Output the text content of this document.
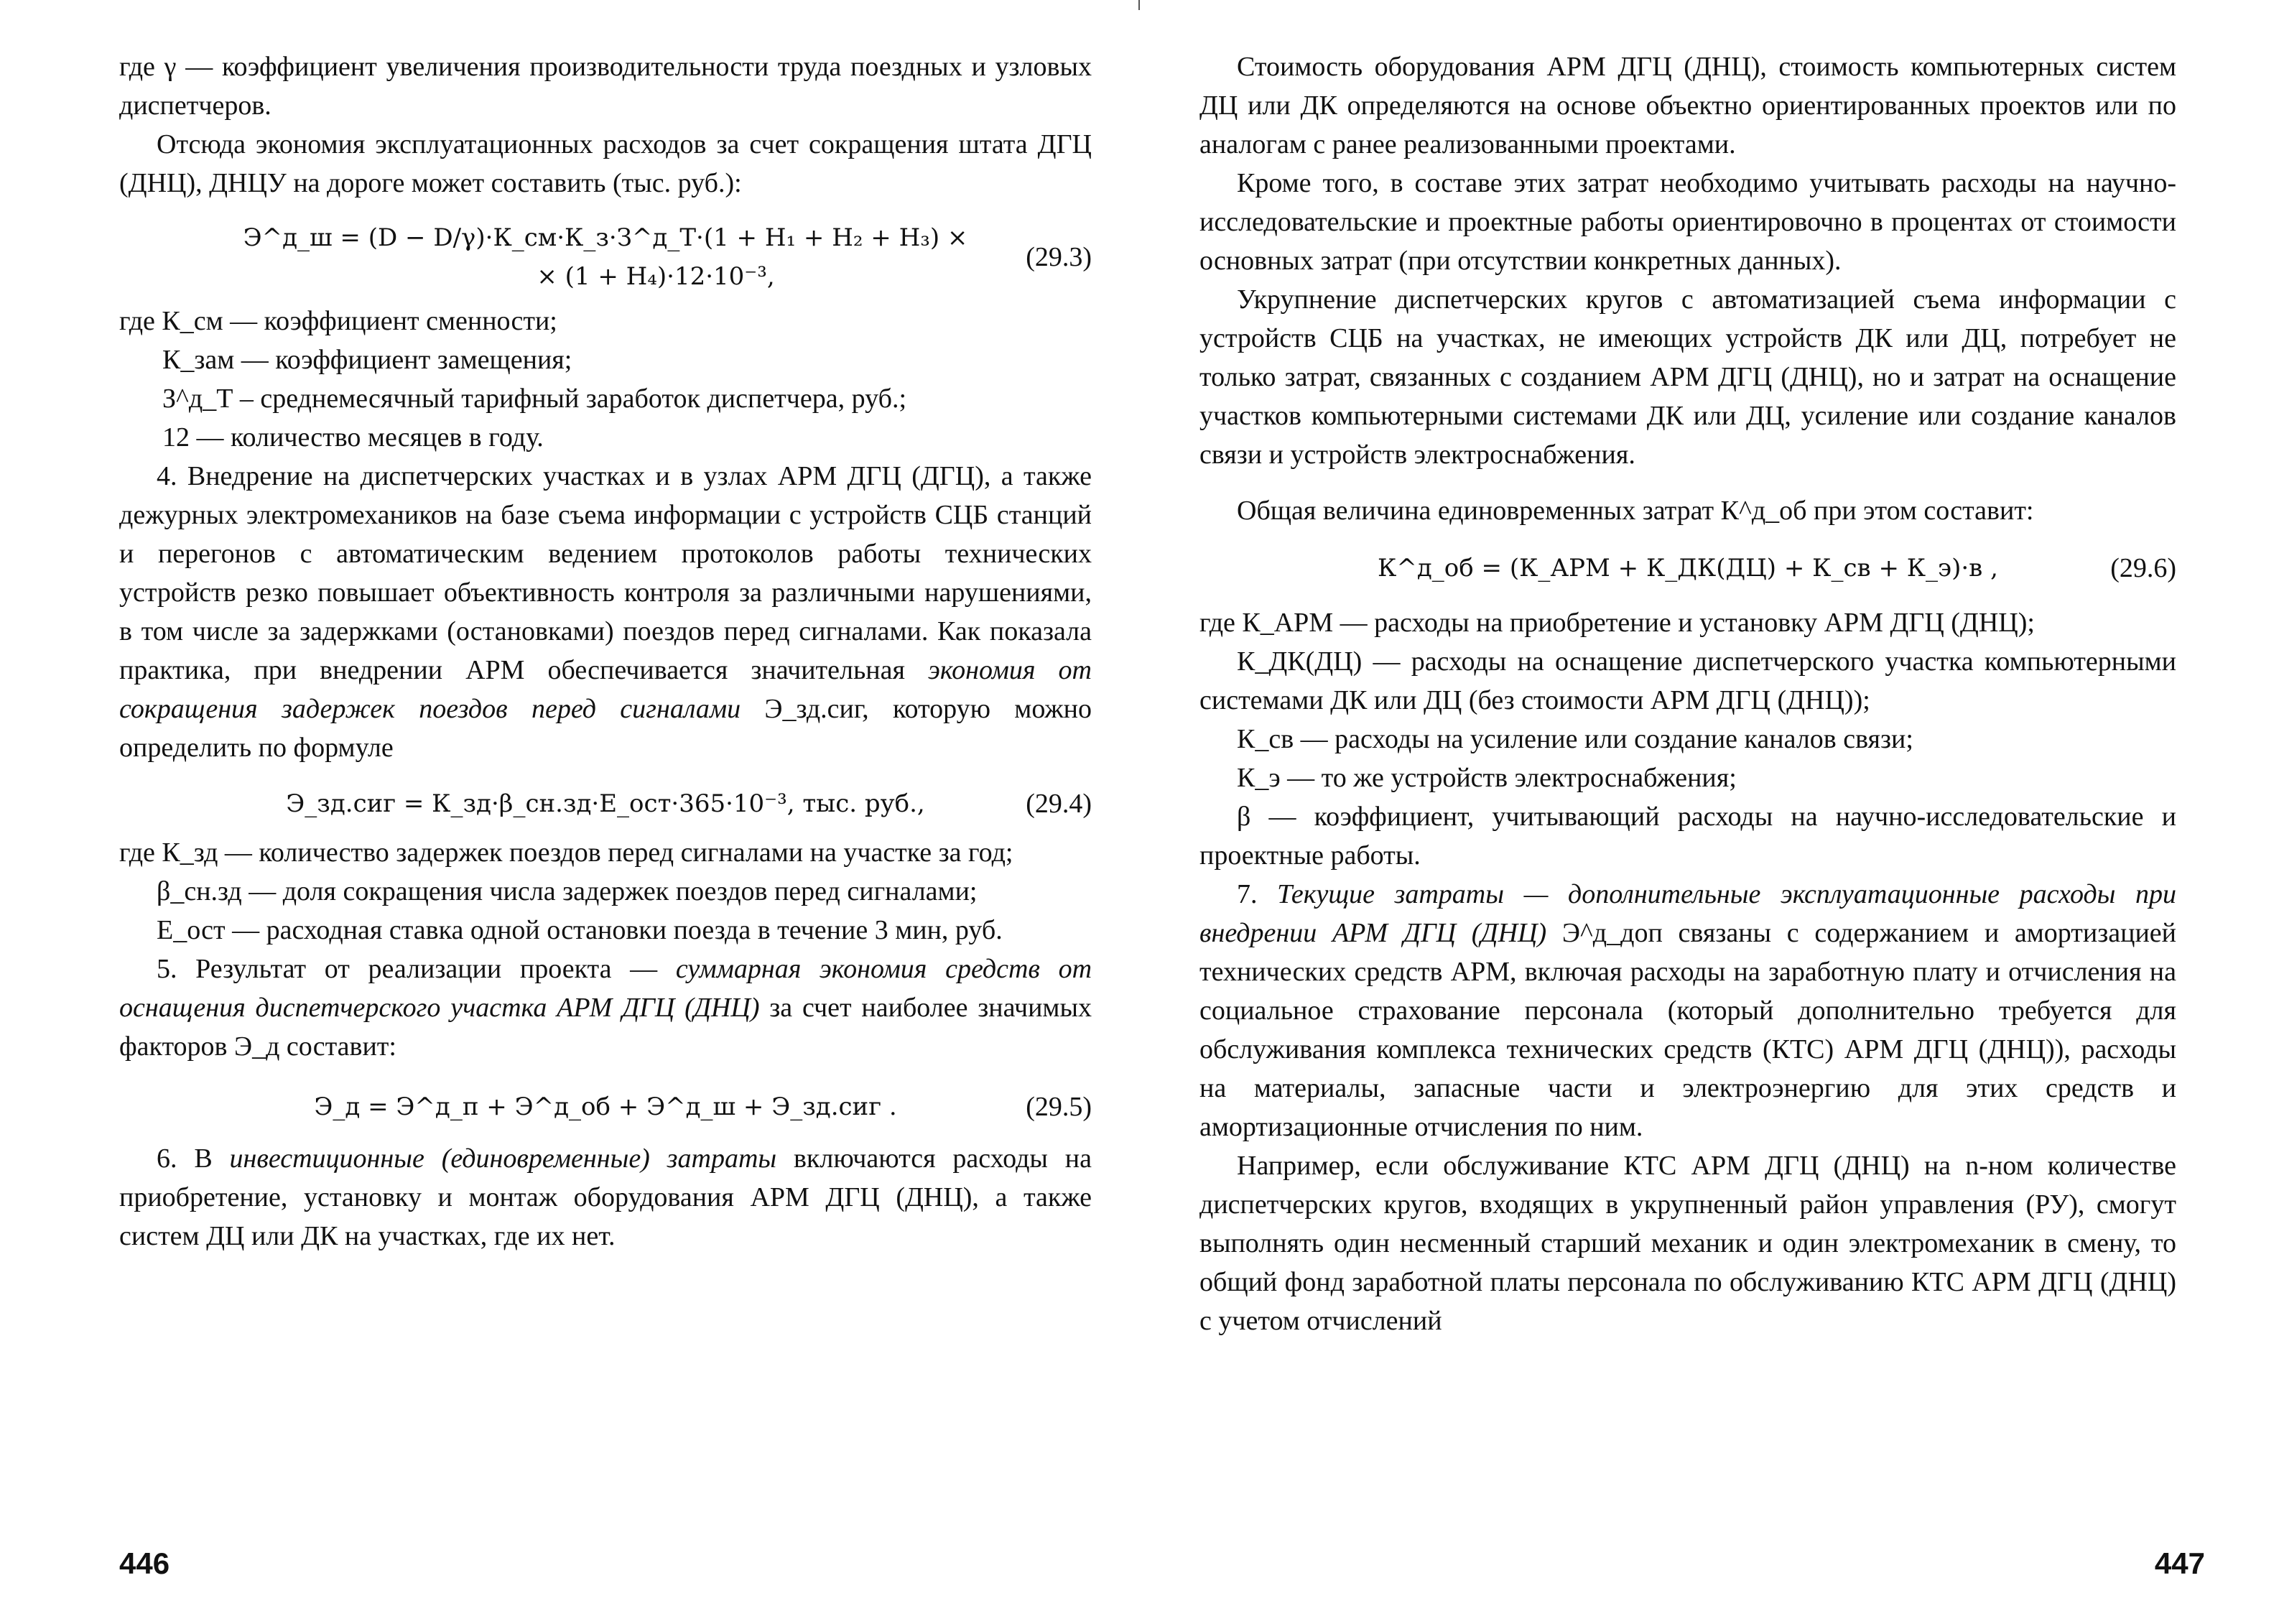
где γ — коэффициент увеличения производительности труда поездных и узловых диспетчеров.

Отсюда экономия эксплуатационных расходов за счет сокращения штата ДГЦ (ДНЦ), ДНЦУ на дороге может составить (тыс. руб.):

Э^д_ш = (D − D/γ)·К_см·К_з·З^д_Т·(1 + Н₁ + Н₂ + Н₃) ×
× (1 + Н₄)·12·10⁻³,
(29.3)

где К_см — коэффициент сменности;

К_зам — коэффициент замещения;

З^д_Т – среднемесячный тарифный заработок диспетчера, руб.;

12 — количество месяцев в году.

4. Внедрение на диспетчерских участках и в узлах АРМ ДГЦ (ДГЦ), а также дежурных электромехаников на базе съема информации с устройств СЦБ станций и перегонов с автоматическим ведением протоколов работы технических устройств резко повышает объективность контроля за различными нарушениями, в том числе за задержками (остановками) поездов перед сигналами. Как показала практика, при внедрении АРМ обеспечивается значительная экономия от сокращения задержек поездов перед сигналами Э_зд.сиг, которую можно определить по формуле

Э_зд.сиг = К_зд·β_сн.зд·E_ост·365·10⁻³, тыс. руб.,	(29.4)

где К_зд — количество задержек поездов перед сигналами на участке за год;

β_сн.зд — доля сокращения числа задержек поездов перед сигналами;

E_ост — расходная ставка одной остановки поезда в течение 3 мин, руб.

5. Результат от реализации проекта — суммарная экономия средств от оснащения диспетчерского участка АРМ ДГЦ (ДНЦ) за счет наиболее значимых факторов Э_д составит:

Э_д = Э^д_п + Э^д_об + Э^д_ш + Э_зд.сиг .	(29.5)

6. В инвестиционные (единовременные) затраты включаются расходы на приобретение, установку и монтаж оборудования АРМ ДГЦ (ДНЦ), а также систем ДЦ или ДК на участках, где их нет.

446

Стоимость оборудования АРМ ДГЦ (ДНЦ), стоимость компьютерных систем ДЦ или ДК определяются на основе объектно ориентированных проектов или по аналогам с ранее реализованными проектами.

Кроме того, в составе этих затрат необходимо учитывать расходы на научно-исследовательские и проектные работы ориентировочно в процентах от стоимости основных затрат (при отсутствии конкретных данных).

Укрупнение диспетчерских кругов с автоматизацией съема информации с устройств СЦБ на участках, не имеющих устройств ДК или ДЦ, потребует не только затрат, связанных с созданием АРМ ДГЦ (ДНЦ), но и затрат на оснащение участков компьютерными системами ДК или ДЦ, усиление или создание каналов связи и устройств электроснабжения.

Общая величина единовременных затрат К^д_об при этом составит:

К^д_об = (К_АРМ + К_ДК(ДЦ) + К_св + К_э)·в ,	(29.6)

где К_АРМ — расходы на приобретение и установку АРМ ДГЦ (ДНЦ);

К_ДК(ДЦ) — расходы на оснащение диспетчерского участка компьютерными системами ДК или ДЦ (без стоимости АРМ ДГЦ (ДНЦ));

К_св — расходы на усиление или создание каналов связи;

К_э — то же устройств электроснабжения;

β — коэффициент, учитывающий расходы на научно-исследовательские и проектные работы.

7. Текущие затраты — дополнительные эксплуатационные расходы при внедрении АРМ ДГЦ (ДНЦ) Э^д_доп связаны с содержанием и амортизацией технических средств АРМ, включая расходы на заработную плату и отчисления на социальное страхование персонала (который дополнительно требуется для обслуживания комплекса технических средств (КТС) АРМ ДГЦ (ДНЦ)), расходы на материалы, запасные части и электроэнергию для этих средств и амортизационные отчисления по ним.

Например, если обслуживание КТС АРМ ДГЦ (ДНЦ) на n-ном количестве диспетчерских кругов, входящих в укрупненный район управления (РУ), смогут выполнять один несменный старший механик и один электромеханик в смену, то общий фонд заработной платы персонала по обслуживанию КТС АРМ ДГЦ (ДНЦ) с учетом отчислений

447
